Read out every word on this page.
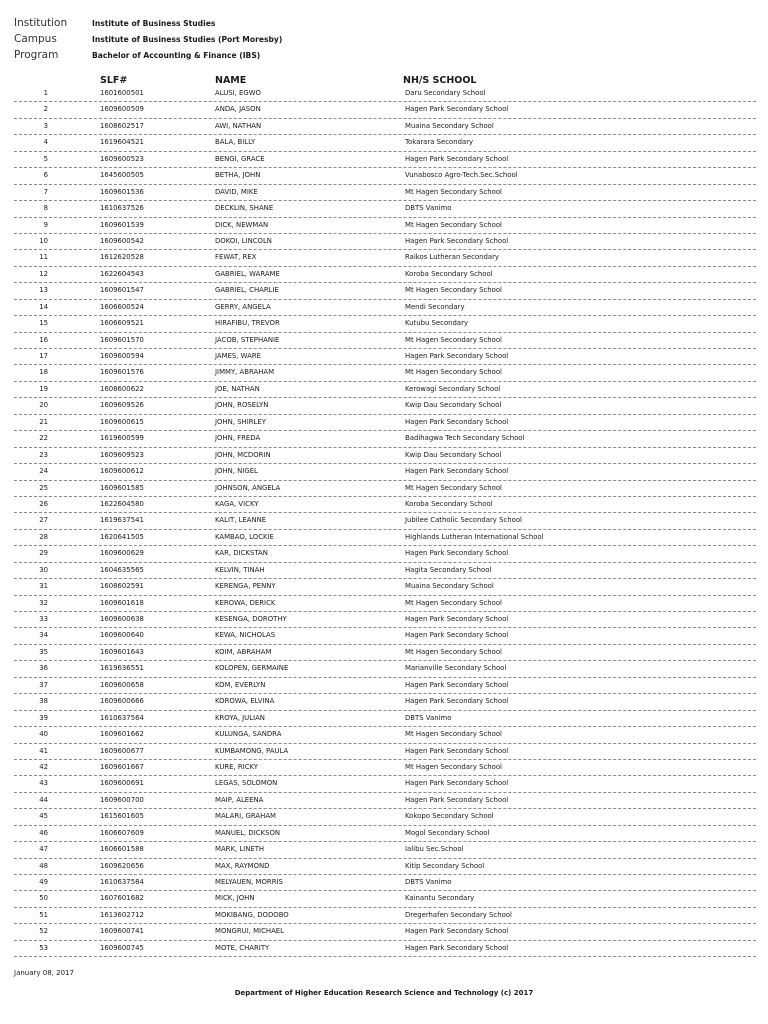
Institution	Institute of Business Studies
Campus	Institute of Business Studies (Port Moresby)
Program	Bachelor of Accounting & Finance (IBS)
SLF#	NAME	NH/S SCHOOL
1	1601600501	ALUSI, EGWO	Daru Secondary School
2	1609600509	ANDA, JASON	Hagen Park Secondary School
3	1608602517	AWI, NATHAN	Muaina Secondary School
4	1619604521	BALA, BILLY	Tokarara Secondary
5	1609600523	BENGI, GRACE	Hagen Park Secondary School
6	1645600505	BETHA, JOHN	Vunabosco Agro-Tech.Sec.School
7	1609601536	DAVID, MIKE	Mt Hagen Secondary School
8	1610637526	DECKLIN, SHANE	DBTS Vanimo
9	1609601539	DICK, NEWMAN	Mt Hagen Secondary School
10	1609600542	DOKOI, LINCOLN	Hagen Park Secondary School
11	1612620528	FEWAT, REX	Raikos Lutheran Secondary
12	1622604543	GABRIEL, WARAME	Koroba Secondary School
13	1609601547	GABRIEL, CHARLIE	Mt Hagen Secondary School
14	1606600524	GERRY, ANGELA	Mendi Secondary
15	1606609521	HIRAFIBU, TREVOR	Kutubu Secondary
16	1609601570	JACOB, STEPHANIE	Mt Hagen Secondary School
17	1609600594	JAMES, WARE	Hagen Park Secondary School
18	1609601576	JIMMY, ABRAHAM	Mt Hagen Secondary School
19	1608600622	JOE, NATHAN	Kerowagi Secondary School
20	1609609526	JOHN, ROSELYN	Kwip Dau Secondary School
21	1609600615	JOHN, SHIRLEY	Hagen Park Secondary School
22	1619600599	JOHN, FREDA	Badihagwa Tech Secondary School
23	1609609523	JOHN, MCDORIN	Kwip Dau Secondary School
24	1609600612	JOHN, NIGEL	Hagen Park Secondary School
25	1609601585	JOHNSON, ANGELA	Mt Hagen Secondary School
26	1622604580	KAGA, VICKY	Koroba Secondary School
27	1619637541	KALIT, LEANNE	Jubilee Catholic Secondary School
28	1620641505	KAMBAO, LOCKIE	Highlands Lutheran International School
29	1609600629	KAR, DICKSTAN	Hagen Park Secondary School
30	1604635565	KELVIN, TINAH	Hagita Secondary School
31	1608602591	KERENGA, PENNY	Muaina Secondary School
32	1609601618	KEROWA, DERICK	Mt Hagen Secondary School
33	1609600638	KESENGA, DOROTHY	Hagen Park Secondary School
34	1609600640	KEWA, NICHOLAS	Hagen Park Secondary School
35	1609601643	KOIM, ABRAHAM	Mt Hagen Secondary School
36	1619636551	KOLOPEN, GERMAINE	Marianville Secondary School
37	1609600658	KOM, EVERLYN	Hagen Park Secondary School
38	1609600666	KOROWA, ELVINA	Hagen Park Secondary School
39	1610637564	KROYA, JULIAN	DBTS Vanimo
40	1609601662	KULUNGA, SANDRA	Mt Hagen Secondary School
41	1609600677	KUMBAMONG, PAULA	Hagen Park Secondary School
42	1609601667	KURE, RICKY	Mt Hagen Secondary School
43	1609600691	LEGAS, SOLOMON	Hagen Park Secondary School
44	1609600700	MAIP, ALEENA	Hagen Park Secondary School
45	1615601605	MALARI, GRAHAM	Kokopo Secondary School
46	1606607609	MANUEL, DICKSON	Mogol Secondary School
47	1606601588	MARK, LINETH	Ialibu Sec.School
48	1609620656	MAX, RAYMOND	Kitip Secondary School
49	1610637584	MELYAUEN, MORRIS	DBTS Vanimo
50	1607601682	MICK, JOHN	Kainantu Secondary
51	1613602712	MOKIBANG, DODOBO	Dregerhafen Secondary School
52	1609600741	MONGRUI, MICHAEL	Hagen Park Secondary School
53	1609600745	MOTE, CHARITY	Hagen Park Secondary School
January 08, 2017
Department of Higher Education Research Science and Technology (c) 2017
